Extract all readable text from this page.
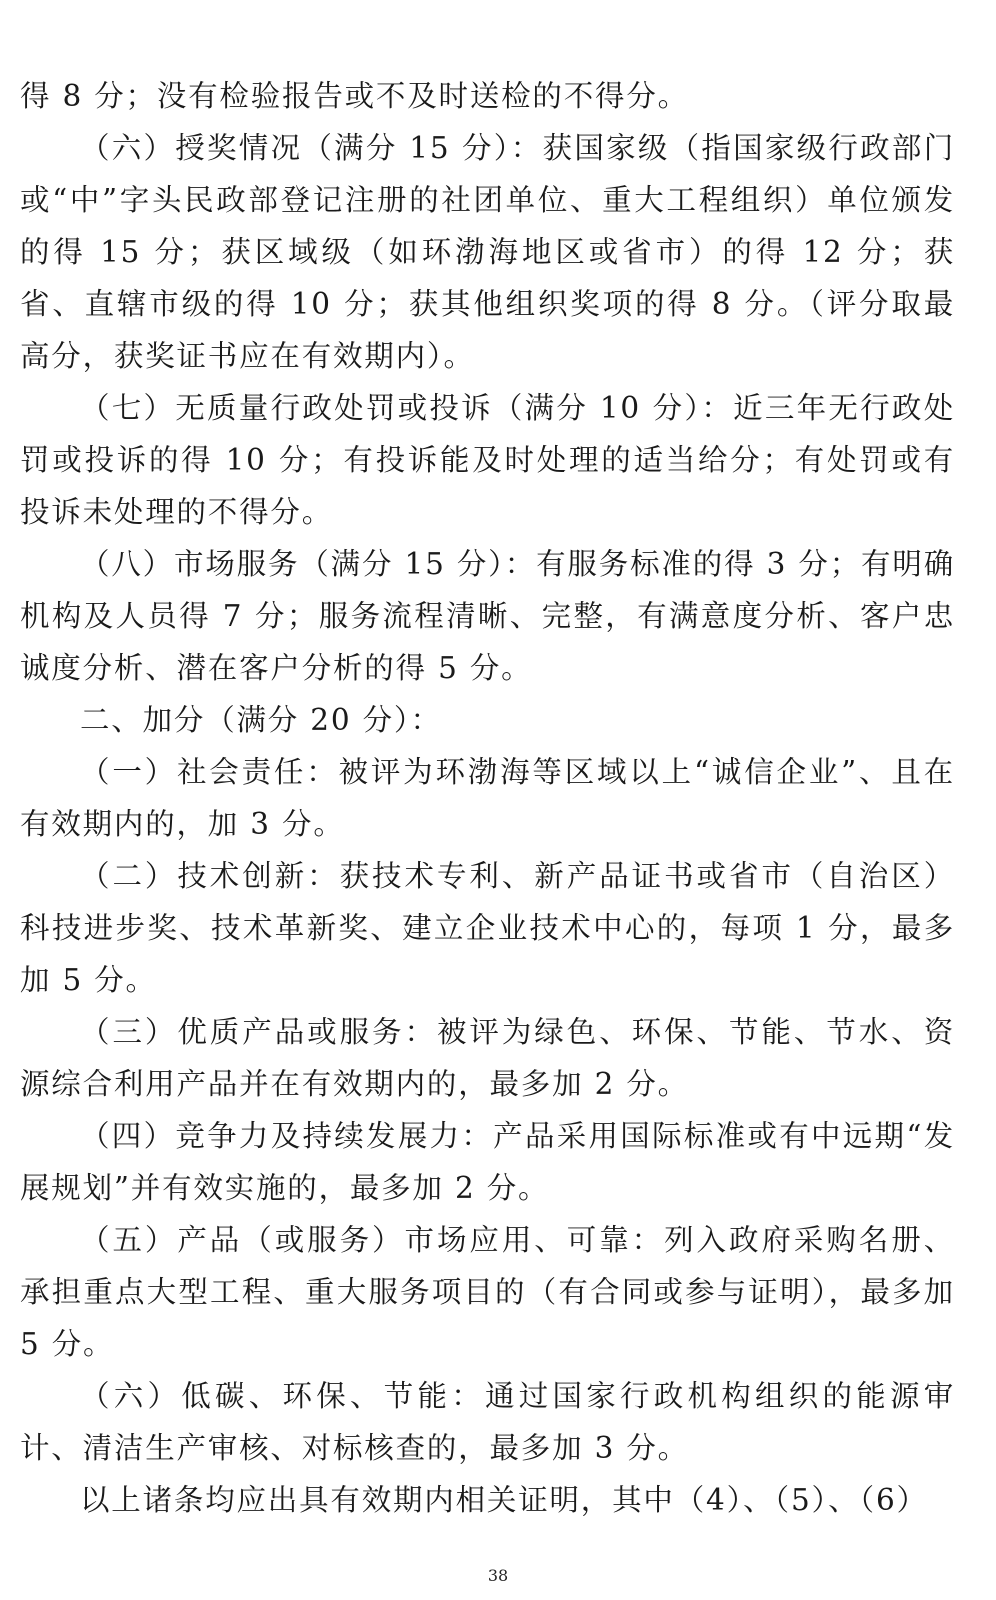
得 8 分；没有检验报告或不及时送检的不得分。

（六）授奖情况（满分 15 分）：获国家级（指国家级行政部门或“中”字头民政部登记注册的社团单位、重大工程组织）单位颁发的得 15 分；获区域级（如环渤海地区或省市）的得 12 分；获省、直辖市级的得 10 分；获其他组织奖项的得 8 分。（评分取最高分，获奖证书应在有效期内）。

（七）无质量行政处罚或投诉（满分 10 分）：近三年无行政处罚或投诉的得 10 分；有投诉能及时处理的适当给分；有处罚或有投诉未处理的不得分。

（八）市场服务（满分 15 分）：有服务标准的得 3 分；有明确机构及人员得 7 分；服务流程清晰、完整，有满意度分析、客户忠诚度分析、潜在客户分析的得 5 分。

二、加分（满分 20 分）：

（一）社会责任：被评为环渤海等区域以上“诚信企业”、且在有效期内的，加 3 分。

（二）技术创新：获技术专利、新产品证书或省市（自治区）科技进步奖、技术革新奖、建立企业技术中心的，每项 1 分，最多加 5 分。

（三）优质产品或服务：被评为绿色、环保、节能、节水、资源综合利用产品并在有效期内的，最多加 2 分。

（四）竞争力及持续发展力：产品采用国际标准或有中远期“发展规划”并有效实施的，最多加 2 分。

（五）产品（或服务）市场应用、可靠：列入政府采购名册、承担重点大型工程、重大服务项目的（有合同或参与证明），最多加 5 分。

（六）低碳、环保、节能：通过国家行政机构组织的能源审计、清洁生产审核、对标核查的，最多加 3 分。

以上诸条均应出具有效期内相关证明，其中（4）、（5）、（6）

38
